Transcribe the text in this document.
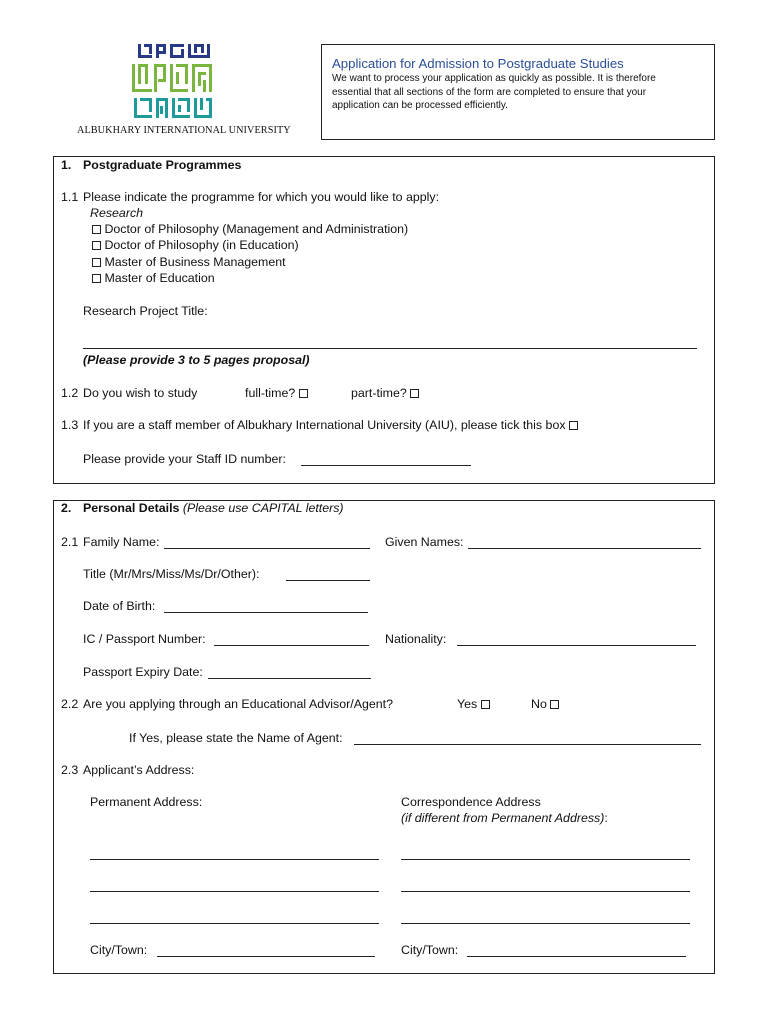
ALBUKHARY INTERNATIONAL UNIVERSITY
Application for Admission to Postgraduate Studies
We want to process your application as quickly as possible. It is therefore
essential that all sections of the form are completed to ensure that your
application can be processed efficiently.
1. Postgraduate Programmes
1.1 Please indicate the programme for which you would like to apply:
Research
Doctor of Philosophy (Management and Administration)
Doctor of Philosophy (in Education)
Master of Business Management
Master of Education
Research Project Title:
(Please provide 3 to 5 pages proposal)
1.2 Do you wish to study	full-time?	part-time?
1.3 If you are a staff member of Albukhary International University (AIU), please tick this box
Please provide your Staff ID number:
2. Personal Details (Please use CAPITAL letters)
2.1 Family Name:	Given Names:
Title (Mr/Mrs/Miss/Ms/Dr/Other):
Date of Birth:
IC / Passport Number:	Nationality:
Passport Expiry Date:
2.2 Are you applying through an Educational Advisor/Agent?	Yes	No
If Yes, please state the Name of Agent:
2.3 Applicant’s Address:
Permanent Address:	Correspondence Address
(if different from Permanent Address):
City/Town:	City/Town:
